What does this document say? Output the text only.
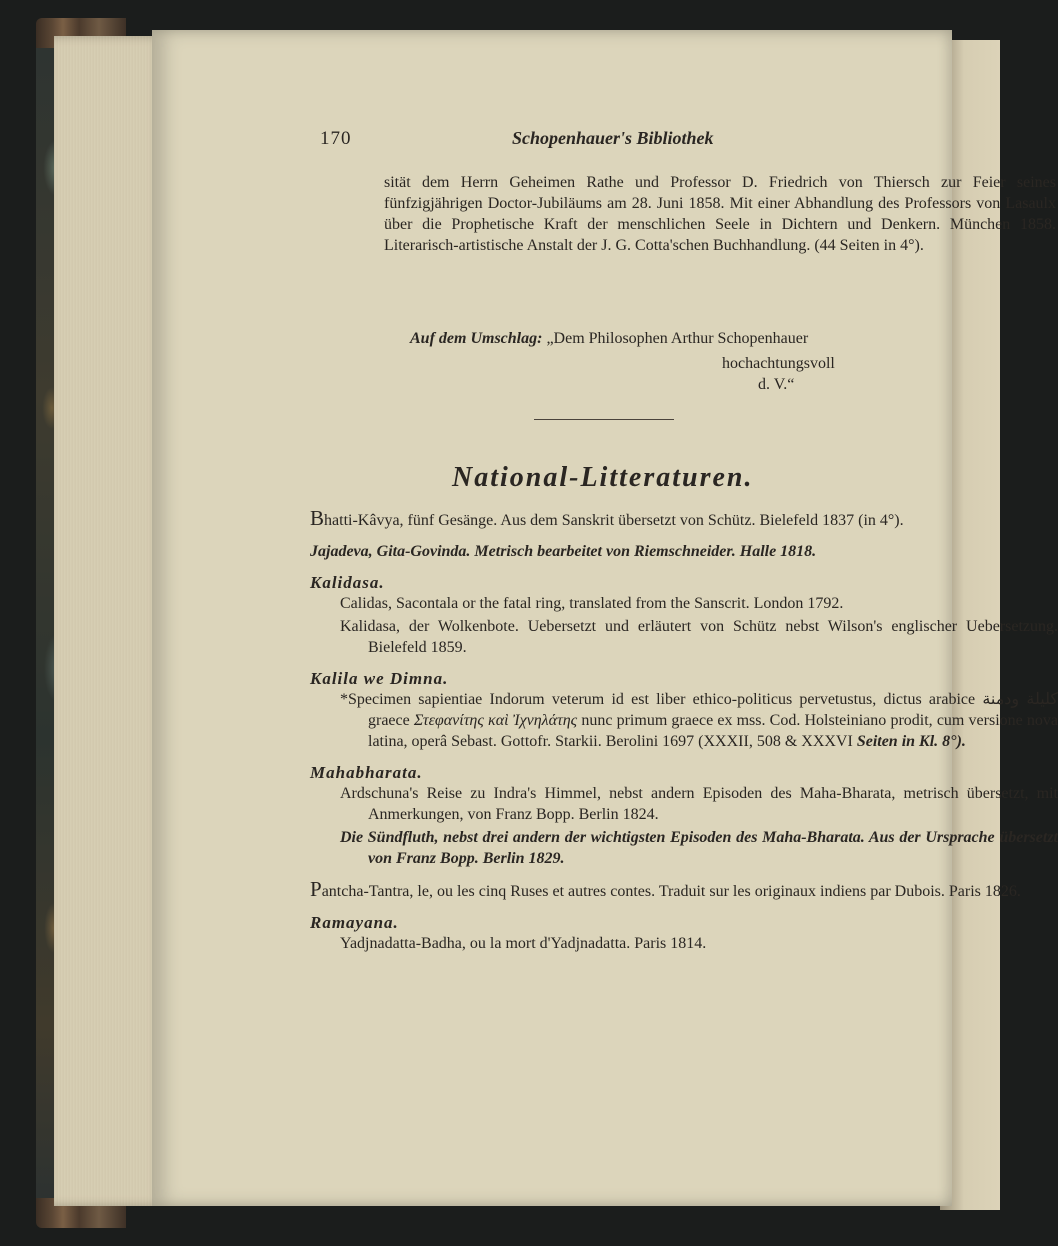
170	Schopenhauer's Bibliothek
sität dem Herrn Geheimen Rathe und Professor D. Friedrich von Thiersch zur Feier seines fünfzigjährigen Doctor-Jubiläums am 28. Juni 1858. Mit einer Abhandlung des Professors von Lasaulx über die Prophetische Kraft der menschlichen Seele in Dichtern und Denkern. München 1858. Literarisch-artistische Anstalt der J. G. Cotta'schen Buchhandlung. (44 Seiten in 4°).
Auf dem Umschlag: „Dem Philosophen Arthur Schopenhauer
hochachtungsvoll
d. V.“
National-Litteraturen.
Bhatti-Kâvya, fünf Gesänge. Aus dem Sanskrit übersetzt von Schütz. Bielefeld 1837 (in 4°).
Jajadeva, Gita-Govinda. Metrisch bearbeitet von Riemschneider. Halle 1818.
Kalidasa.
Calidas, Sacontala or the fatal ring, translated from the Sanscrit. London 1792.
Kalidasa, der Wolkenbote. Uebersetzt und erläutert von Schütz nebst Wilson's englischer Uebersetzung. Bielefeld 1859.
Kalila we Dimna.
*Specimen sapientiae Indorum veterum id est liber ethico-politicus pervetustus, dictus arabice كليلة ودمنة graece Στεφανίτης καὶ Ἰχνηλάτης nunc primum graece ex mss. Cod. Holsteiniano prodit, cum versione nova latina, operâ Sebast. Gottofr. Starkii. Berolini 1697 (XXXII, 508 & XXXVI Seiten in Kl. 8°).
Mahabharata.
Ardschuna's Reise zu Indra's Himmel, nebst andern Episoden des Maha-Bharata, metrisch übersetzt, mit Anmerkungen, von Franz Bopp. Berlin 1824.
Die Sündfluth, nebst drei andern der wichtigsten Episoden des Maha-Bharata. Aus der Ursprache übersetzt von Franz Bopp. Berlin 1829.
Pantcha-Tantra, le, ou les cinq Ruses et autres contes. Traduit sur les originaux indiens par Dubois. Paris 1826.
Ramayana.
Yadjnadatta-Badha, ou la mort d'Yadjnadatta. Paris 1814.
